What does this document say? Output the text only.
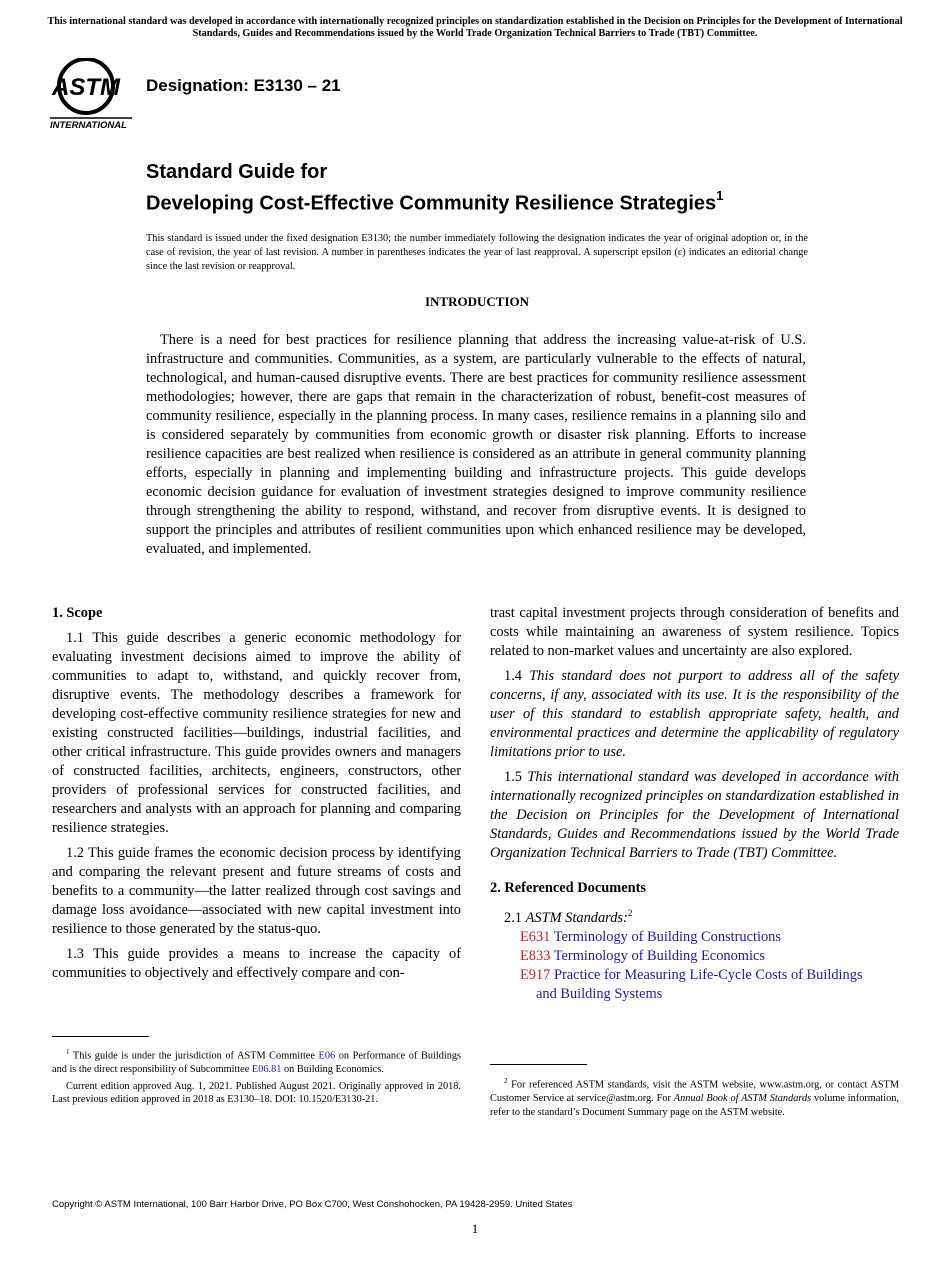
This international standard was developed in accordance with internationally recognized principles on standardization established in the Decision on Principles for the Development of International Standards, Guides and Recommendations issued by the World Trade Organization Technical Barriers to Trade (TBT) Committee.
ASTM
INTERNATIONAL
Designation: E3130 – 21
Standard Guide for
Developing Cost-Effective Community Resilience Strategies$^1$
This standard is issued under the fixed designation E3130; the number immediately following the designation indicates the year of original adoption or, in the case of revision, the year of last revision. A number in parentheses indicates the year of last reapproval. A superscript epsilon (ε) indicates an editorial change since the last revision or reapproval.
INTRODUCTION
There is a need for best practices for resilience planning that address the increasing value-at-risk of U.S. infrastructure and communities. Communities, as a system, are particularly vulnerable to the effects of natural, technological, and human-caused disruptive events. There are best practices for community resilience assessment methodologies; however, there are gaps that remain in the characterization of robust, benefit-cost measures of community resilience, especially in the planning process. In many cases, resilience remains in a planning silo and is considered separately by communities from economic growth or disaster risk planning. Efforts to increase resilience capacities are best realized when resilience is considered as an attribute in general community planning efforts, especially in planning and implementing building and infrastructure projects. This guide develops economic decision guidance for evaluation of investment strategies designed to improve community resilience through strengthening the ability to respond, withstand, and recover from disruptive events. It is designed to support the principles and attributes of resilient communities upon which enhanced resilience may be developed, evaluated, and implemented.

1. Scope

1.1 This guide describes a generic economic methodology for evaluating investment decisions aimed to improve the ability of communities to adapt to, withstand, and quickly recover from, disruptive events. The methodology describes a framework for developing cost-effective community resilience strategies for new and existing constructed facilities—buildings, industrial facilities, and other critical infrastructure. This guide provides owners and managers of constructed facilities, architects, engineers, constructors, other providers of professional services for constructed facilities, and researchers and analysts with an approach for planning and comparing resilience strategies.

1.2 This guide frames the economic decision process by identifying and comparing the relevant present and future streams of costs and benefits to a community—the latter realized through cost savings and damage loss avoidance—associated with new capital investment into resilience to those generated by the status-quo.

1.3 This guide provides a means to increase the capacity of communities to objectively and effectively compare and con-

trast capital investment projects through consideration of benefits and costs while maintaining an awareness of system resilience. Topics related to non-market values and uncertainty are also explored.

1.4 This standard does not purport to address all of the safety concerns, if any, associated with its use. It is the responsibility of the user of this standard to establish appropriate safety, health, and environmental practices and determine the applicability of regulatory limitations prior to use.

1.5 This international standard was developed in accordance with internationally recognized principles on standardization established in the Decision on Principles for the Development of International Standards, Guides and Recommendations issued by the World Trade Organization Technical Barriers to Trade (TBT) Committee.

2. Referenced Documents

2.1 ASTM Standards:$^2$

E631 Terminology of Building Constructions
E833 Terminology of Building Economics
E917 Practice for Measuring Life-Cycle Costs of Buildings
and Building Systems

$^1$ This guide is under the jurisdiction of ASTM Committee E06 on Performance of Buildings and is the direct responsibility of Subcommittee E06.81 on Building Economics.

Current edition approved Aug. 1, 2021. Published August 2021. Originally approved in 2018. Last previous edition approved in 2018 as E3130–18. DOI: 10.1520/E3130-21.

$^2$ For referenced ASTM standards, visit the ASTM website, www.astm.org, or contact ASTM Customer Service at service@astm.org. For Annual Book of ASTM Standards volume information, refer to the standard’s Document Summary page on the ASTM website.

Copyright © ASTM International, 100 Barr Harbor Drive, PO Box C700, West Conshohocken, PA 19428-2959. United States
1
